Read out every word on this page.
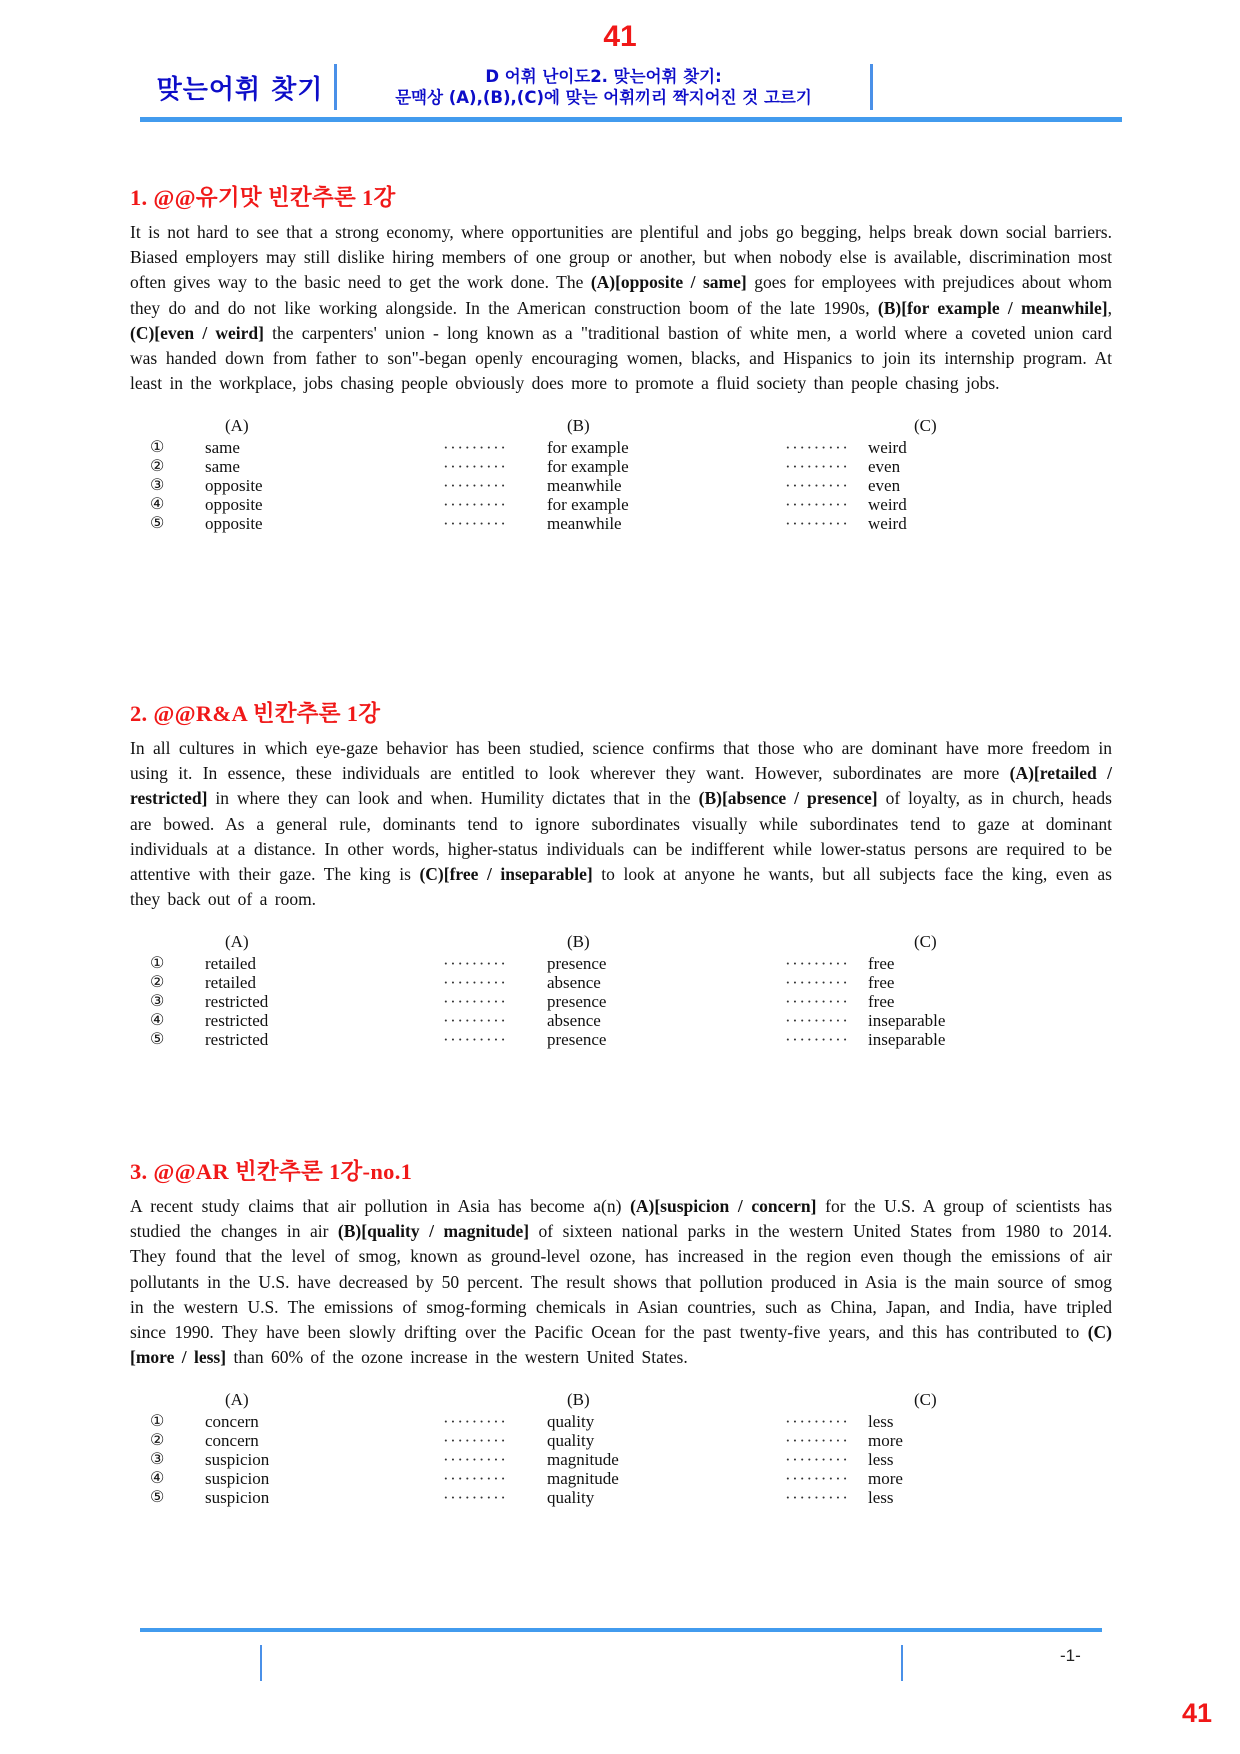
41
맞는어휘 찾기	D 어휘 난이도2. 맞는어휘 찾기:
문맥상 (A),(B),(C)에 맞는 어휘끼리 짝지어진 것 고르기
1. @@유기맛 빈칸추론 1강

It is not hard to see that a strong economy, where opportunities are plentiful and jobs go begging, helps break down social barriers. Biased employers may still dislike hiring members of one group or another, but when nobody else is available, discrimination most often gives way to the basic need to get the work done. The (A)[opposite / same] goes for employees with prejudices about whom they do and do not like working alongside. In the American construction boom of the late 1990s, (B)[for example / meanwhile], (C)[even / weird] the carpenters' union - long known as a "traditional bastion of white men, a world where a coveted union card was handed down from father to son"-began openly encouraging women, blacks, and Hispanics to join its internship program. At least in the workplace, jobs chasing people obviously does more to promote a fluid society than people chasing jobs.

(A)	(B)	(C)
①	same	·········	for example	·········	weird
②	same	·········	for example	·········	even
③	opposite	·········	meanwhile	·········	even
④	opposite	·········	for example	·········	weird
⑤	opposite	·········	meanwhile	·········	weird
2. @@R&A 빈칸추론 1강

In all cultures in which eye-gaze behavior has been studied, science confirms that those who are dominant have more freedom in using it. In essence, these individuals are entitled to look wherever they want. However, subordinates are more (A)[retailed / restricted] in where they can look and when. Humility dictates that in the (B)[absence / presence] of loyalty, as in church, heads are bowed. As a general rule, dominants tend to ignore subordinates visually while subordinates tend to gaze at dominant individuals at a distance. In other words, higher-status individuals can be indifferent while lower-status persons are required to be attentive with their gaze. The king is (C)[free / inseparable] to look at anyone he wants, but all subjects face the king, even as they back out of a room.

(A)	(B)	(C)
①	retailed	·········	presence	·········	free
②	retailed	·········	absence	·········	free
③	restricted	·········	presence	·········	free
④	restricted	·········	absence	·········	inseparable
⑤	restricted	·········	presence	·········	inseparable
3. @@AR 빈칸추론 1강-no.1

A recent study claims that air pollution in Asia has become a(n) (A)[suspicion / concern] for the U.S. A group of scientists has studied the changes in air (B)[quality / magnitude] of sixteen national parks in the western United States from 1980 to 2014. They found that the level of smog, known as ground-level ozone, has increased in the region even though the emissions of air pollutants in the U.S. have decreased by 50 percent. The result shows that pollution produced in Asia is the main source of smog in the western U.S. The emissions of smog-forming chemicals in Asian countries, such as China, Japan, and India, have tripled since 1990. They have been slowly drifting over the Pacific Ocean for the past twenty-five years, and this has contributed to (C)[more / less] than 60% of the ozone increase in the western United States.

(A)	(B)	(C)
①	concern	·········	quality	·········	less
②	concern	·········	quality	·········	more
③	suspicion	·········	magnitude	·········	less
④	suspicion	·········	magnitude	·········	more
⑤	suspicion	·········	quality	·········	less
-1-
41
